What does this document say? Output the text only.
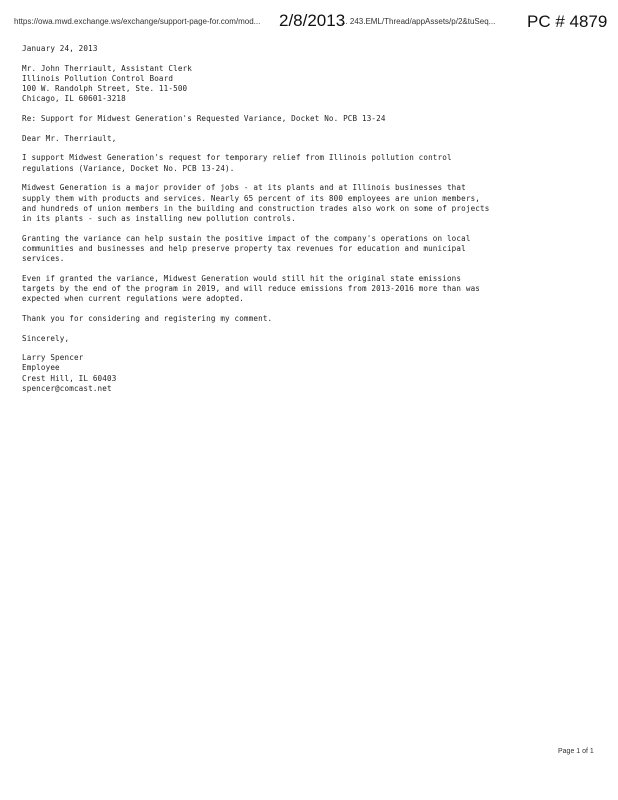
https://owa.mwd.exchange.ws/exchange/support-page-for.com/mod...	2/8/2013
... 243.EML/Thread/appAssets/p/2&tuSeq...	PC # 4879
January 24, 2013
Mr. John Therriault, Assistant Clerk
Illinois Pollution Control Board
100 W. Randolph Street, Ste. 11-500
Chicago, IL 60601-3218
Re: Support for Midwest Generation's Requested Variance, Docket No. PCB 13-24
Dear Mr. Therriault,
I support Midwest Generation's request for temporary relief from Illinois pollution control
regulations (Variance, Docket No. PCB 13-24).
Midwest Generation is a major provider of jobs - at its plants and at Illinois businesses that
supply them with products and services. Nearly 65 percent of its 800 employees are union members,
and hundreds of union members in the building and construction trades also work on some of projects
in its plants - such as installing new pollution controls.
Granting the variance can help sustain the positive impact of the company's operations on local
communities and businesses and help preserve property tax revenues for education and municipal
services.
Even if granted the variance, Midwest Generation would still hit the original state emissions
targets by the end of the program in 2019, and will reduce emissions from 2013-2016 more than was
expected when current regulations were adopted.
Thank you for considering and registering my comment.
Sincerely,
Larry Spencer
Employee
Crest Hill, IL 60403
spencer@comcast.net
Page 1 of 1
